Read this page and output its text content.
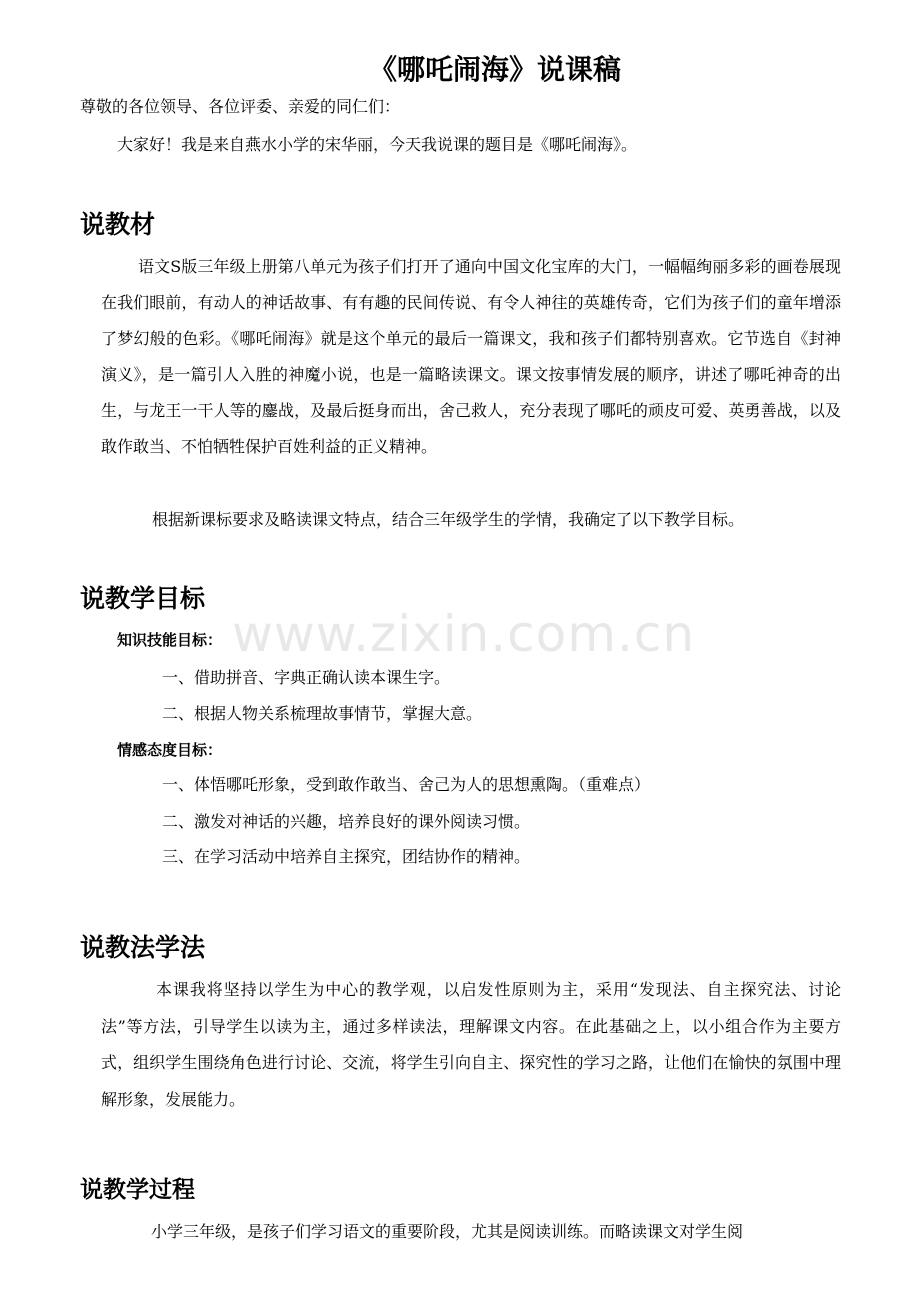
《哪吒闹海》说课稿
尊敬的各位领导、各位评委、亲爱的同仁们：
大家好！我是来自燕水小学的宋华丽，今天我说课的题目是《哪吒闹海》。
说教材
语文S版三年级上册第八单元为孩子们打开了通向中国文化宝库的大门，一幅幅绚丽多彩的画卷展现在我们眼前，有动人的神话故事、有有趣的民间传说、有令人神往的英雄传奇，它们为孩子们的童年增添了梦幻般的色彩。《哪吒闹海》就是这个单元的最后一篇课文，我和孩子们都特别喜欢。它节选自《封神演义》，是一篇引人入胜的神魔小说，也是一篇略读课文。课文按事情发展的顺序，讲述了哪吒神奇的出生，与龙王一干人等的鏖战，及最后挺身而出，舍己救人，充分表现了哪吒的顽皮可爱、英勇善战，以及敢作敢当、不怕牺牲保护百姓利益的正义精神。
根据新课标要求及略读课文特点，结合三年级学生的学情，我确定了以下教学目标。
说教学目标
www.zixin.com.cn
知识技能目标：
一、借助拼音、字典正确认读本课生字。
二、根据人物关系梳理故事情节，掌握大意。
情感态度目标：
一、体悟哪吒形象，受到敢作敢当、舍己为人的思想熏陶。（重难点）
二、激发对神话的兴趣，培养良好的课外阅读习惯。
三、在学习活动中培养自主探究，团结协作的精神。
说教法学法
本课我将坚持以学生为中心的教学观，以启发性原则为主，采用“发现法、自主探究法、讨论法”等方法，引导学生以读为主，通过多样读法，理解课文内容。在此基础之上，以小组合作为主要方式，组织学生围绕角色进行讨论、交流，将学生引向自主、探究性的学习之路，让他们在愉快的氛围中理解形象，发展能力。
说教学过程
小学三年级，是孩子们学习语文的重要阶段，尤其是阅读训练。而略读课文对学生阅
